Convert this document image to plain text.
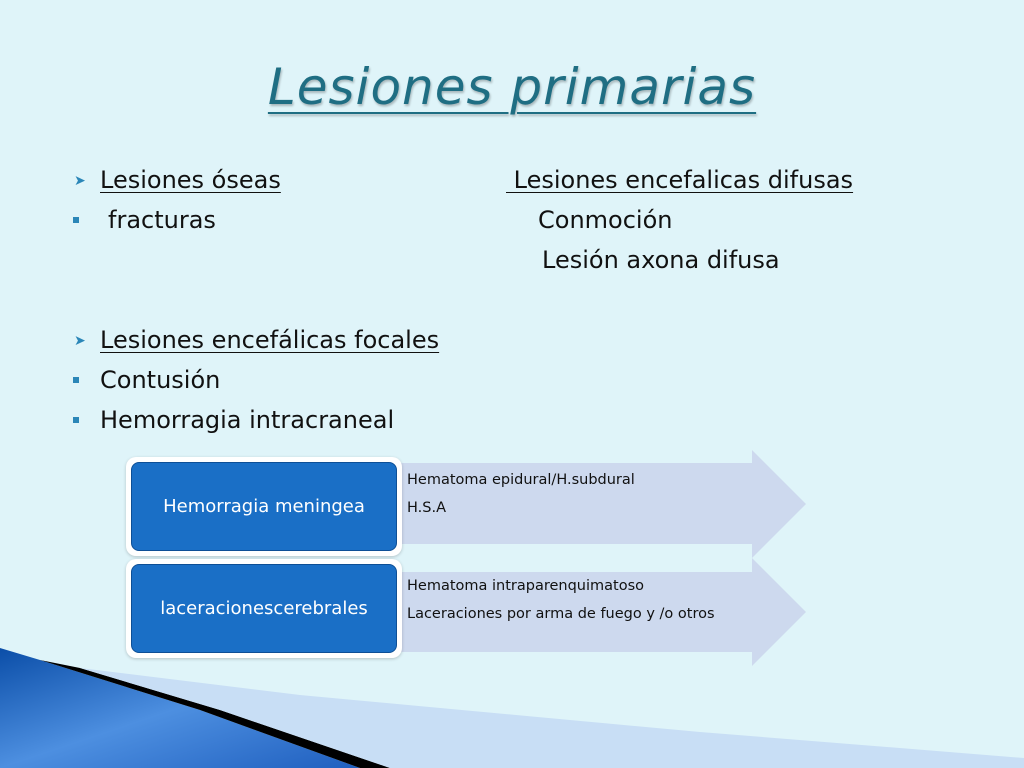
Lesiones primarias
➤ Lesiones óseas
fracturas
➤ Lesiones encefálicas focales
Contusión
Hemorragia intracraneal
Lesiones encefalicas difusas
Conmoción
Lesión axona difusa
Hemorragia meningea
Hematoma epidural/H.subdural
H.S.A
laceracionescerebrales
Hematoma intraparenquimatoso
Laceraciones por arma de fuego y /o otros
